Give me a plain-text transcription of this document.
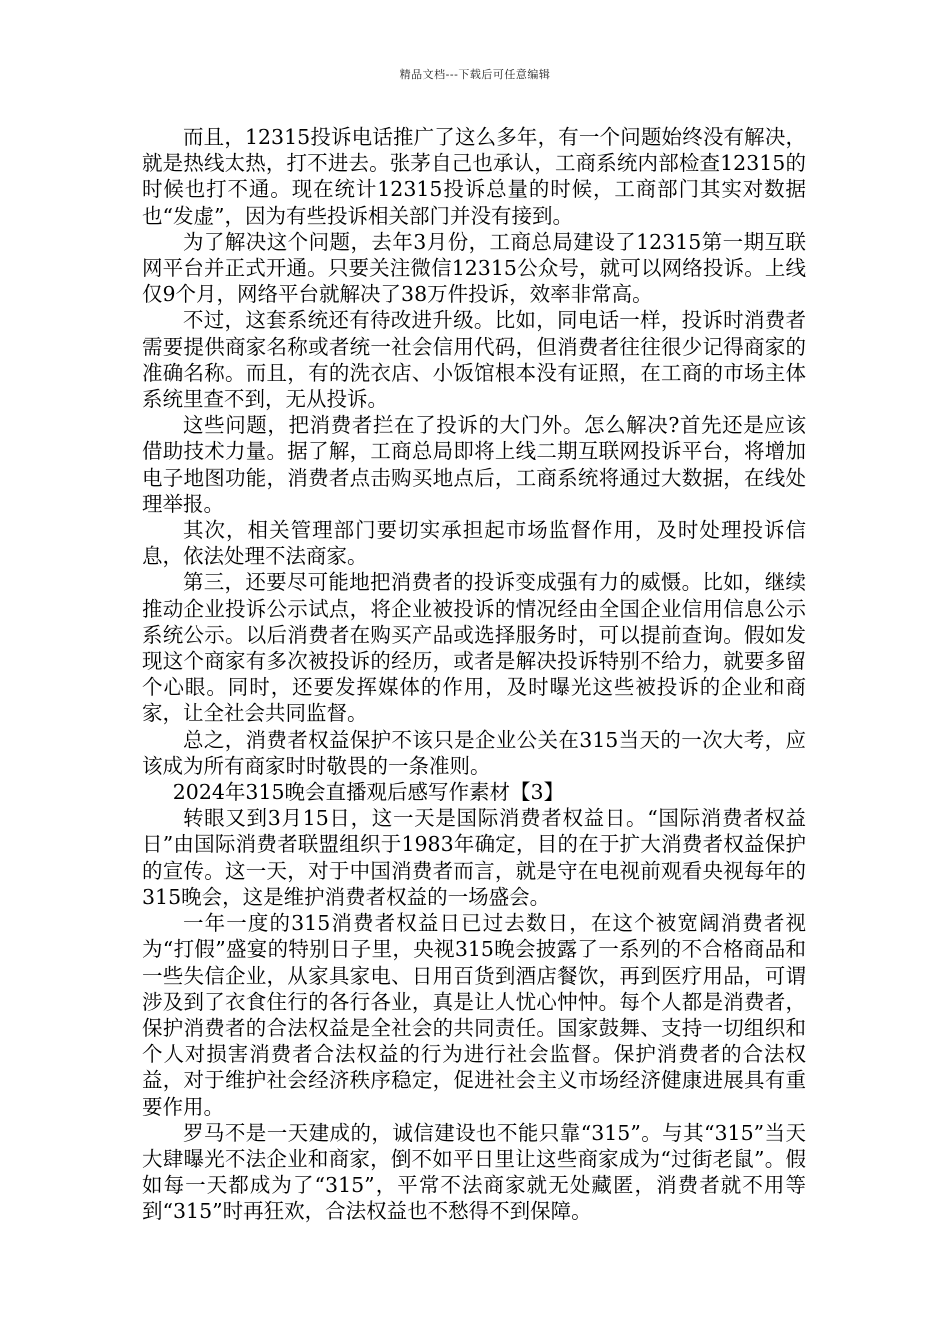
精品文档---下载后可任意编辑

而且，12315投诉电话推广了这么多年，有一个问题始终没有解决，就是热线太热，打不进去。张茅自己也承认，工商系统内部检查12315的时候也打不通。现在统计12315投诉总量的时候，工商部门其实对数据也“发虚”，因为有些投诉相关部门并没有接到。

为了解决这个问题，去年3月份，工商总局建设了12315第一期互联网平台并正式开通。只要关注微信12315公众号，就可以网络投诉。上线仅9个月，网络平台就解决了38万件投诉，效率非常高。

不过，这套系统还有待改进升级。比如，同电话一样，投诉时消费者需要提供商家名称或者统一社会信用代码，但消费者往往很少记得商家的准确名称。而且，有的洗衣店、小饭馆根本没有证照，在工商的市场主体系统里查不到，无从投诉。

这些问题，把消费者拦在了投诉的大门外。怎么解决?首先还是应该借助技术力量。据了解，工商总局即将上线二期互联网投诉平台，将增加电子地图功能，消费者点击购买地点后，工商系统将通过大数据，在线处理举报。

其次，相关管理部门要切实承担起市场监督作用，及时处理投诉信息，依法处理不法商家。

第三，还要尽可能地把消费者的投诉变成强有力的威慑。比如，继续推动企业投诉公示试点，将企业被投诉的情况经由全国企业信用信息公示系统公示。以后消费者在购买产品或选择服务时，可以提前查询。假如发现这个商家有多次被投诉的经历，或者是解决投诉特别不给力，就要多留个心眼。同时，还要发挥媒体的作用，及时曝光这些被投诉的企业和商家，让全社会共同监督。

总之，消费者权益保护不该只是企业公关在315当天的一次大考，应该成为所有商家时时敬畏的一条准则。

2024年315晚会直播观后感写作素材【3】

转眼又到3月15日，这一天是国际消费者权益日。“国际消费者权益日”由国际消费者联盟组织于1983年确定，目的在于扩大消费者权益保护的宣传。这一天，对于中国消费者而言，就是守在电视前观看央视每年的315晚会，这是维护消费者权益的一场盛会。

一年一度的315消费者权益日已过去数日，在这个被宽阔消费者视为“打假”盛宴的特别日子里，央视315晚会披露了一系列的不合格商品和一些失信企业，从家具家电、日用百货到酒店餐饮，再到医疗用品，可谓涉及到了衣食住行的各行各业，真是让人忧心忡忡。每个人都是消费者，保护消费者的合法权益是全社会的共同责任。国家鼓舞、支持一切组织和个人对损害消费者合法权益的行为进行社会监督。保护消费者的合法权益，对于维护社会经济秩序稳定，促进社会主义市场经济健康进展具有重要作用。

罗马不是一天建成的，诚信建设也不能只靠“315”。与其“315”当天大肆曝光不法企业和商家，倒不如平日里让这些商家成为“过街老鼠”。假如每一天都成为了“315”，平常不法商家就无处藏匿，消费者就不用等到“315”时再狂欢，合法权益也不愁得不到保障。
